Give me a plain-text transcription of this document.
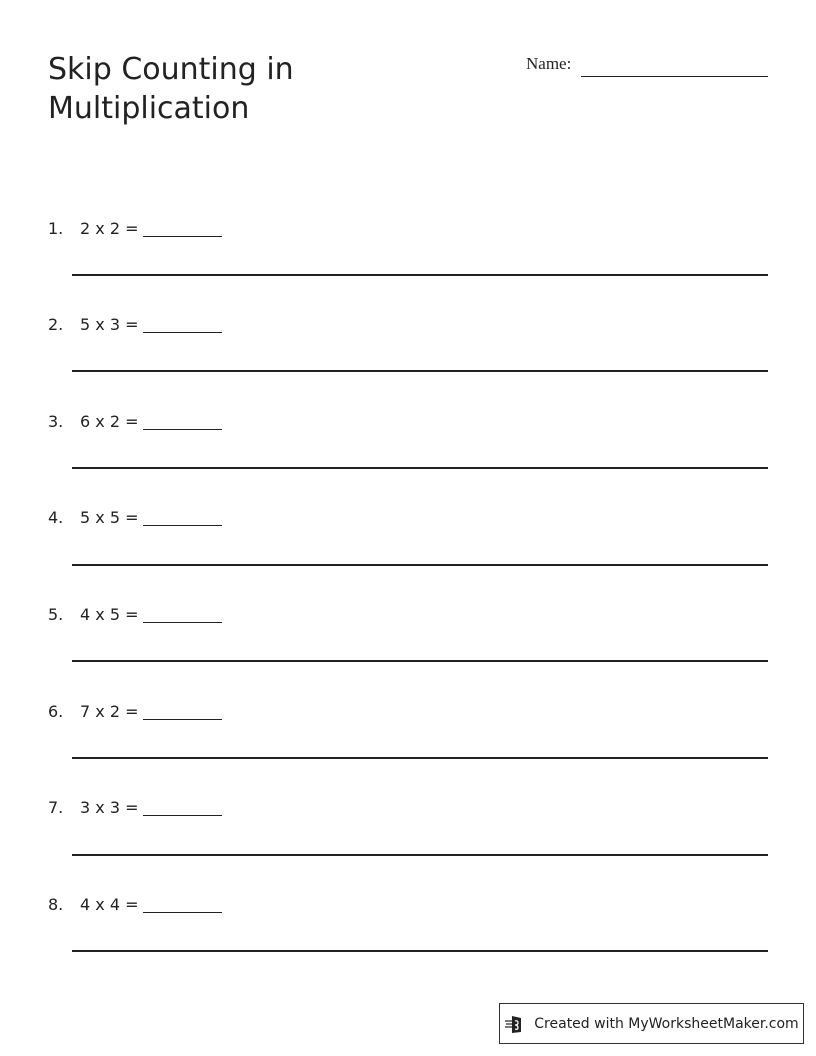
Skip Counting in Multiplication
Name:
1. 2 x 2 =
2. 5 x 3 =
3. 6 x 2 =
4. 5 x 5 =
5. 4 x 5 =
6. 7 x 2 =
7. 3 x 3 =
8. 4 x 4 =
Created with MyWorksheetMaker.com
